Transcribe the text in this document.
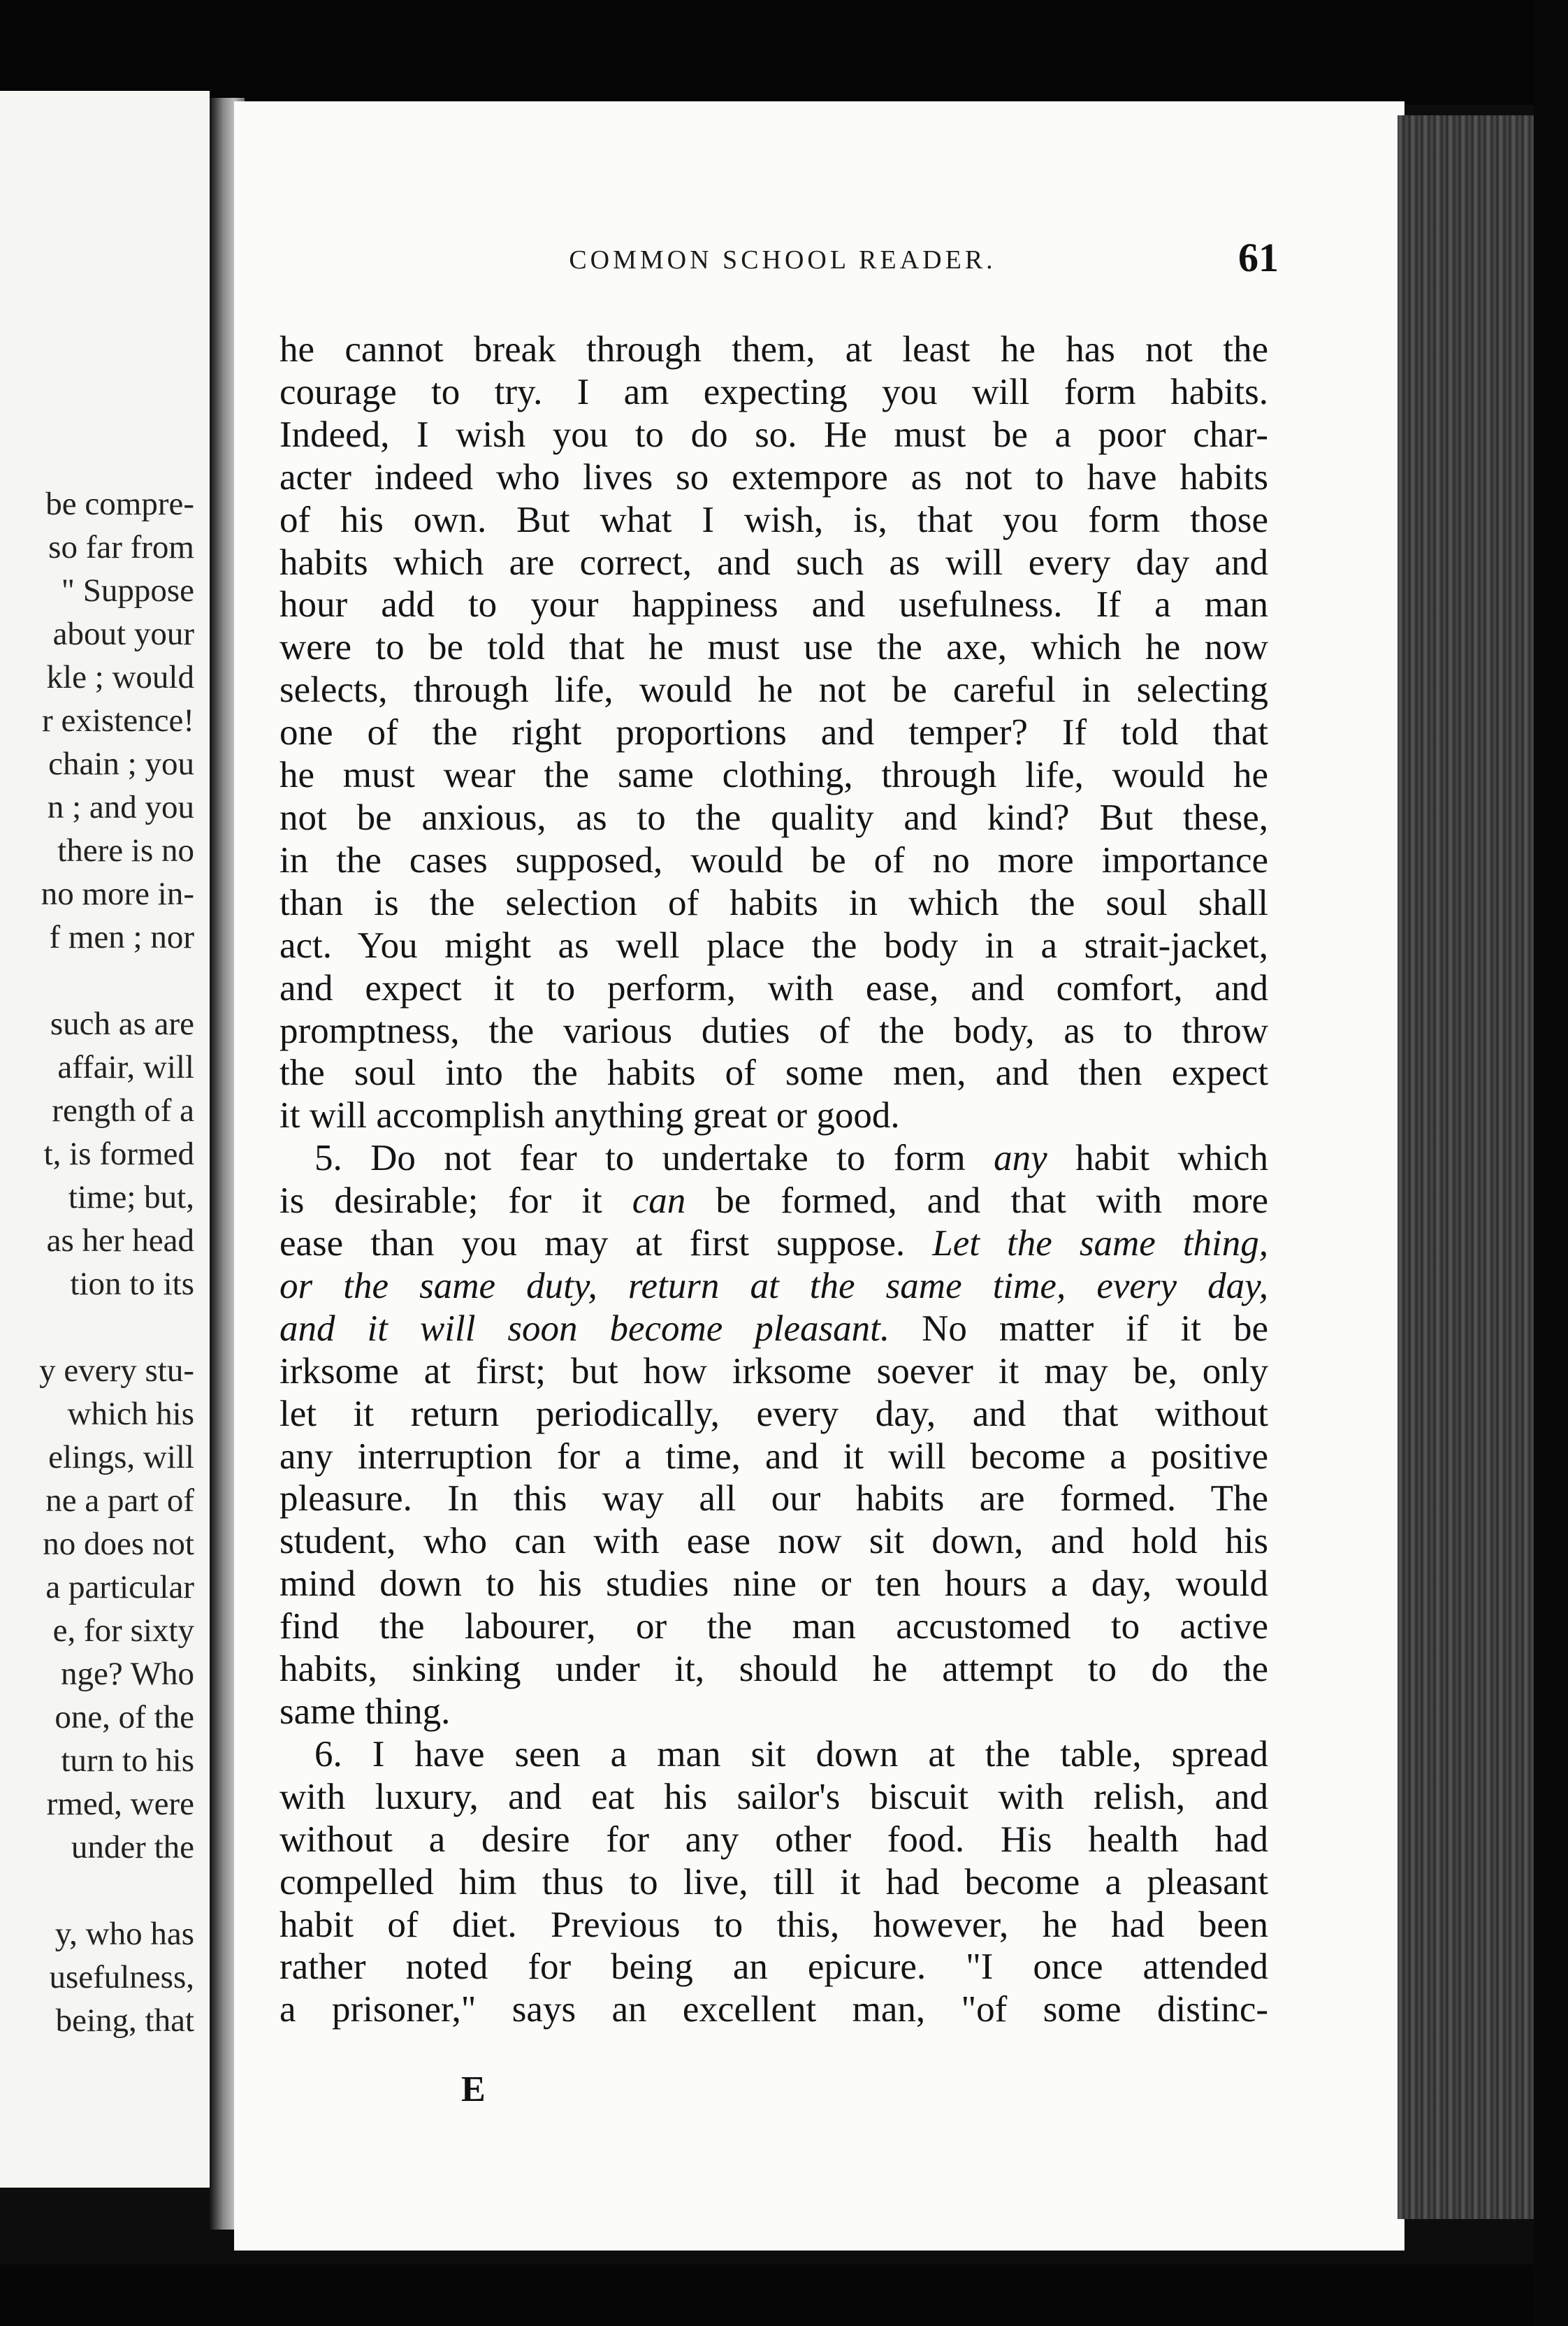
be compre-
so far from
" Suppose
about your
kle ; would
r existence!
chain ; you
n ; and you
there is no
no more in-
f men ; nor
such as are
affair, will
rength of a
t, is formed
time; but,
as her head
tion to its
y every stu-
which his
elings, will
ne a part of
no does not
a particular
e, for sixty
nge? Who
one, of the
turn to his
rmed, were
under the
y, who has
usefulness,
being, that
COMMON SCHOOL READER.	61
he cannot break through them, at least he has not the
courage to try. I am expecting you will form habits.
Indeed, I wish you to do so. He must be a poor char-
acter indeed who lives so extempore as not to have habits
of his own. But what I wish, is, that you form those
habits which are correct, and such as will every day and
hour add to your happiness and usefulness. If a man
were to be told that he must use the axe, which he now
selects, through life, would he not be careful in selecting
one of the right proportions and temper? If told that
he must wear the same clothing, through life, would he
not be anxious, as to the quality and kind? But these,
in the cases supposed, would be of no more importance
than is the selection of habits in which the soul shall
act. You might as well place the body in a strait-jacket,
and expect it to perform, with ease, and comfort, and
promptness, the various duties of the body, as to throw
the soul into the habits of some men, and then expect
it will accomplish anything great or good.
5. Do not fear to undertake to form any habit which
is desirable; for it can be formed, and that with more
ease than you may at first suppose. Let the same thing,
or the same duty, return at the same time, every day,
and it will soon become pleasant. No matter if it be
irksome at first; but how irksome soever it may be, only
let it return periodically, every day, and that without
any interruption for a time, and it will become a positive
pleasure. In this way all our habits are formed. The
student, who can with ease now sit down, and hold his
mind down to his studies nine or ten hours a day, would
find the labourer, or the man accustomed to active
habits, sinking under it, should he attempt to do the
same thing.
6. I have seen a man sit down at the table, spread
with luxury, and eat his sailor's biscuit with relish, and
without a desire for any other food. His health had
compelled him thus to live, till it had become a pleasant
habit of diet. Previous to this, however, he had been
rather noted for being an epicure. "I once attended
a prisoner," says an excellent man, "of some distinc-
E
